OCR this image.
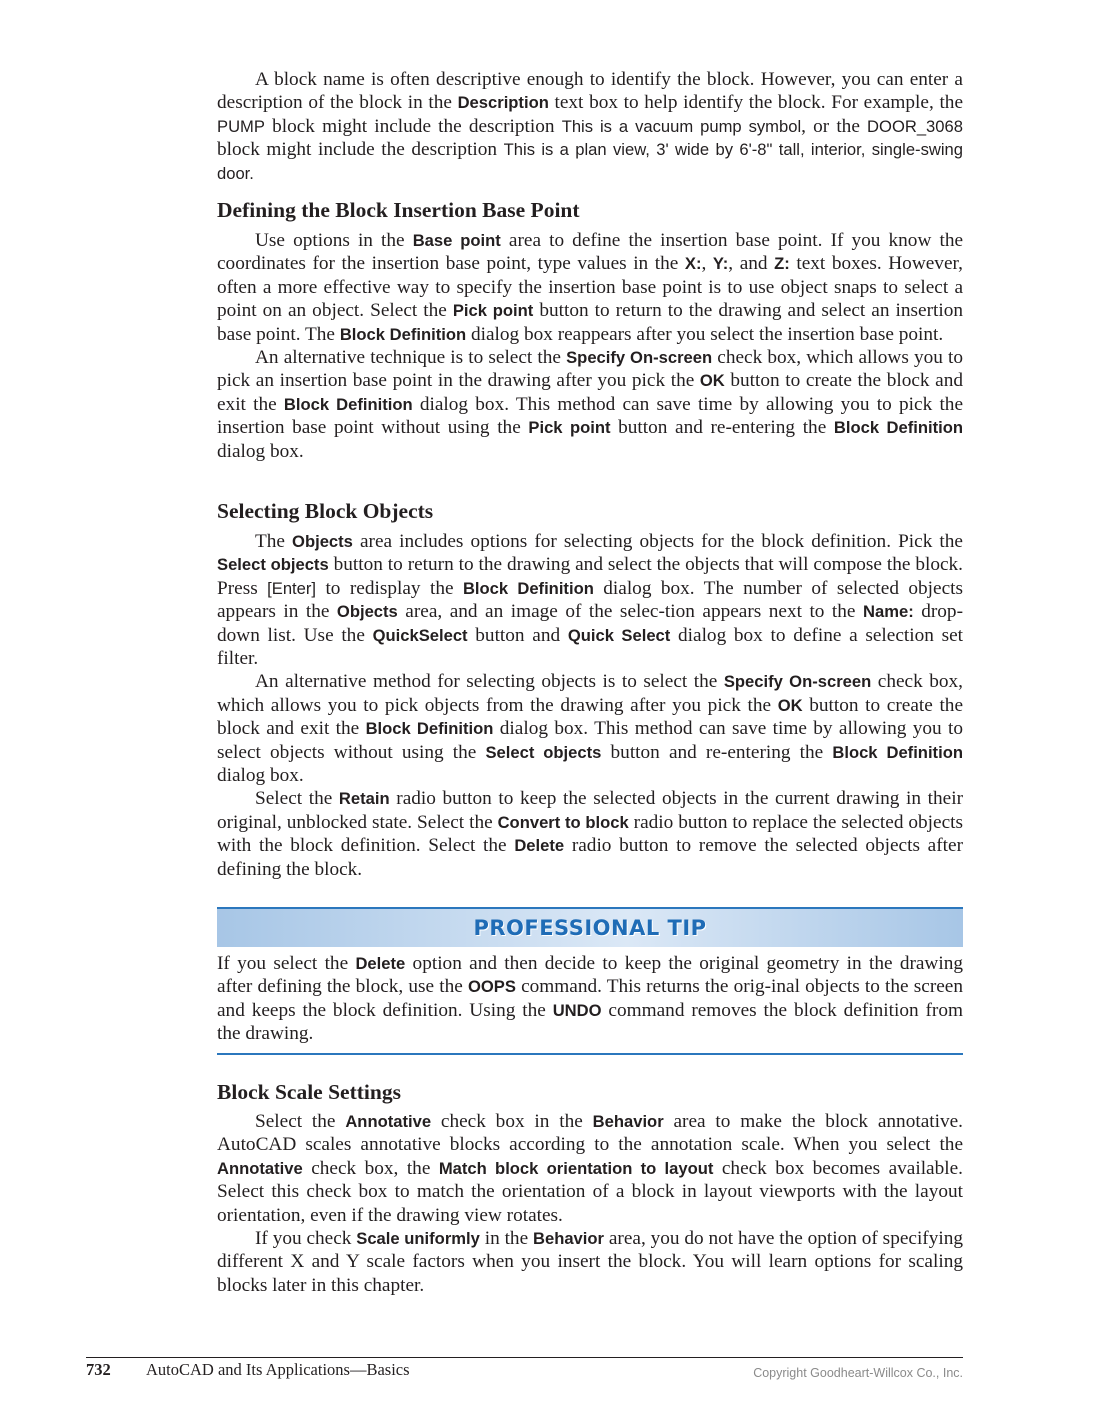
A block name is often descriptive enough to identify the block. However, you can enter a description of the block in the Description text box to help identify the block. For example, the PUMP block might include the description This is a vacuum pump symbol, or the DOOR_3068 block might include the description This is a plan view, 3' wide by 6'-8" tall, interior, single-swing door.

Defining the Block Insertion Base Point

Use options in the Base point area to define the insertion base point. If you know the coordinates for the insertion base point, type values in the X:, Y:, and Z: text boxes. However, often a more effective way to specify the insertion base point is to use object snaps to select a point on an object. Select the Pick point button to return to the drawing and select an insertion base point. The Block Definition dialog box reappears after you select the insertion base point.

An alternative technique is to select the Specify On-screen check box, which allows you to pick an insertion base point in the drawing after you pick the OK button to create the block and exit the Block Definition dialog box. This method can save time by allowing you to pick the insertion base point without using the Pick point button and re-entering the Block Definition dialog box.

Selecting Block Objects

The Objects area includes options for selecting objects for the block definition. Pick the Select objects button to return to the drawing and select the objects that will compose the block. Press [Enter] to redisplay the Block Definition dialog box. The number of selected objects appears in the Objects area, and an image of the selec-tion appears next to the Name: drop-down list. Use the QuickSelect button and Quick Select dialog box to define a selection set filter.

An alternative method for selecting objects is to select the Specify On-screen check box, which allows you to pick objects from the drawing after you pick the OK button to create the block and exit the Block Definition dialog box. This method can save time by allowing you to select objects without using the Select objects button and re-entering the Block Definition dialog box.

Select the Retain radio button to keep the selected objects in the current drawing in their original, unblocked state. Select the Convert to block radio button to replace the selected objects with the block definition. Select the Delete radio button to remove the selected objects after defining the block.

PROFESSIONAL TIP

If you select the Delete option and then decide to keep the original geometry in the drawing after defining the block, use the OOPS command. This returns the orig-inal objects to the screen and keeps the block definition. Using the UNDO command removes the block definition from the drawing.

Block Scale Settings

Select the Annotative check box in the Behavior area to make the block annotative. AutoCAD scales annotative blocks according to the annotation scale. When you select the Annotative check box, the Match block orientation to layout check box becomes available. Select this check box to match the orientation of a block in layout viewports with the layout orientation, even if the drawing view rotates.

If you check Scale uniformly in the Behavior area, you do not have the option of specifying different X and Y scale factors when you insert the block. You will learn options for scaling blocks later in this chapter.

732 AutoCAD and Its Applications—Basics	Copyright Goodheart-Willcox Co., Inc.
